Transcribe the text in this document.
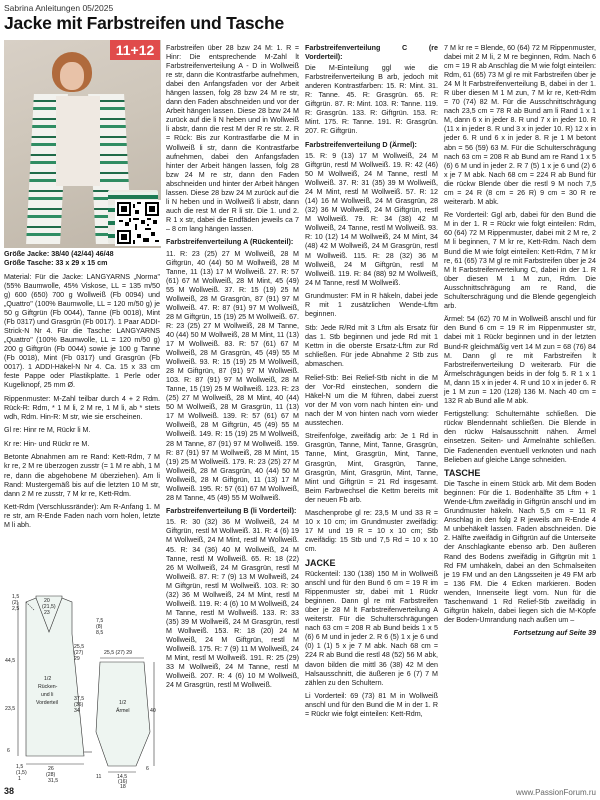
Sabrina Anleitungen 05/2025
Jacke mit Farbstreifen und Tasche
11+12

Größe Jacke: 38/40 (42/44) 46/48

Größe Tasche: 33 x 29 x 15 cm

Material: Für die Jacke: LANGYARNS „Norma" (55% Baumwolle, 45% Viskose, LL = 135 m/50 g) 600 (650) 700 g Wollweiß (Fb 0094) und „Quattro" (100% Baumwolle, LL = 120 m/50 g) je 50 g Giftgrün (Fb 0044), Tanne (Fb 0018), Mint (Fb 0317) und Grasgrün (Fb 0017). 1 Paar ADDI-Strick-N Nr 4. Für die Tasche: LANGYARNS „Quattro" (100% Baumwolle, LL = 120 m/50 g) 200 g Giftgrün (Fb 0044) sowie je 100 g Tanne (Fb 0018), Mint (Fb 0317) und Grasgrün (Fb 0017). 1 ADDI-Häkel-N Nr 4. Ca. 15 x 33 cm feste Pappe oder Plastikplatte. 1 Perle oder Kugelknopf, 25 mm Ø.

Rippenmuster: M-Zahl teilbar durch 4 + 2 Rdm. Rück-R: Rdm, * 1 M li, 2 M re, 1 M li, ab * stets wdh, Rdm. Hin-R: M str, wie sie erscheinen.

Gl re: Hinr re M, Rückr li M.

Kr re: Hin- und Rückr re M.

Betonte Abnahmen am re Rand: Kett-Rdm, 7 M kr re, 2 M re überzogen zusstr (= 1 M re abh, 1 M re, dann die abgehobene M überziehen). Am li Rand: Mustergemäß bis auf die letzten 10 M str, dann 2 M re zusstr, 7 M kr re, Kett-Rdm.

Kett-Rdm (Verschlussränder): Am R-Anfang 1. M re str, am R-Ende Faden nach vorn holen, letzte M li abh.

1,5
(2)
2,5
20
(21,5)
23
7,5
(8)
8,5
44,5
23,5
6
25,5
(27)
29
37,5
(36)
34
1/2
Rücken-
und li
Vorderteil
1,5
(1,5)
1
26
(28)
31,5
25,5 (27) 29
1/2
Ärmel	40
14,5
(16)
18
11
6

Farbstreifen über 28 bzw 24 M: 1. R = Hinr: Die entsprechende M-Zahl lt Farbstreifenverteilung A - D in Wollweiß re str, dann die Kontrastfarbe aufnehmen, dabei den Anfangsfaden vor der Arbeit hängen lassen, folg 28 bzw 24 M re str, dann den Faden abschneiden und vor der Arbeit hängen lassen. Diese 28 bzw 24 M zurück auf die li N heben und in Wollweiß li abstr, dann die rest M der R re str. 2. R = Rück: Bis zur Kontrastfarbe die M in Wollweiß li str, dann die Kontrastfarbe aufnehmen, dabei den Anfangsfaden hinter der Arbeit hängen lassen, folg 28 bzw 24 M re str, dann den Faden abschneiden und hinter der Arbeit hängen lassen. Diese 28 bzw 24 M zurück auf die li N heben und in Wollweiß li abstr, dann auch die rest M der R li str. Die 1. und 2. R 1 x str, dabei die Endfäden jeweils ca 7 – 8 cm lang hängen lassen.

Farbstreifenverteilung A (Rückenteil):

11. R: 23 (25) 27 M Wollweiß, 28 M Giftgrün, 40 (44) 50 M Wollweiß, 28 M Tanne, 11 (13) 17 M Wollweiß. 27. R: 57 (61) 67 M Wollweiß, 28 M Mint, 45 (49) 55 M Wollweiß. 37. R: 15 (19) 25 M Wollweiß, 28 M Grasgrün, 87 (91) 97 M Wollweiß. 47. R: 87 (91) 97 M Wollweiß, 28 M Giftgrün, 15 (19) 25 M Wollweiß. 67. R: 23 (25) 27 M Wollweiß, 28 M Tanne, 40 (44) 50 M Wollweiß, 28 M Mint, 11 (13) 17 M Wollweiß. 83. R: 57 (61) 67 M Wollweiß, 28 M Grasgrün, 45 (49) 55 M Wollweiß. 93. R: 15 (19) 25 M Wollweiß, 28 M Giftgrün, 87 (91) 97 M Wollweiß. 103. R: 87 (91) 97 M Wollweiß, 28 M Tanne, 15 (19) 25 M Wollweiß. 123. R: 23 (25) 27 M Wollweiß, 28 M Mint, 40 (44) 50 M Wollweiß, 28 M Grasgrün, 11 (13) 17 M Wollweiß. 139. R: 57 (61) 67 M Wollweiß, 28 M Giftgrün, 45 (49) 55 M Wollweiß. 149. R: 15 (19) 25 M Wollweiß, 28 M Tanne, 87 (91) 97 M Wollweiß. 159. R: 87 (91) 97 M Wollweiß, 28 M Mint, 15 (19) 25 M Wollweiß. 179. R: 23 (25) 27 M Wollweiß, 28 M Grasgrün, 40 (44) 50 M Wollweiß, 28 M Giftgrün, 11 (13) 17 M Wollweiß. 195. R: 57 (61) 67 M Wollweiß, 28 M Tanne, 45 (49) 55 M Wollweiß.

Farbstreifenverteilung B (li Vorderteil):

15. R: 30 (32) 36 M Wollweiß, 24 M Giftgrün, restl M Wollweiß. 31. R: 4 (6) 19 M Wollweiß, 24 M Mint, restl M Wollweiß. 45. R: 34 (36) 40 M Wollweiß, 24 M Tanne, restl M Wollweiß. 65. R: 18 (22) 26 M Wollweiß, 24 M Grasgrün, restl M Wollweiß. 87. R: 7 (9) 13 M Wollweiß, 24 M Giftgrün, restl M Wollweiß. 103. R: 30 (32) 36 M Wollweiß, 24 M Mint, restl M Wollweiß. 119. R: 4 (6) 10 M Wollweiß, 24 M Tanne, restl M Wollweiß. 133. R: 33 (35) 39 M Wollweiß, 24 M Grasgrün, restl M Wollweiß. 153. R: 18 (20) 24 M Wollweiß, 24 M Giftgrün, restl M Wollweiß. 175. R: 7 (9) 11 M Wollweiß, 24 M Mint, restl M Wollweiß. 191. R: 25 (29) 33 M Wollweiß, 24 M Tanne, restl M Wollweiß. 207. R: 4 (6) 10 M Wollweiß, 24 M Grasgrün, restl M Wollweiß.

Farbstreifenverteilung C (re Vorderteil):

Die M-Einteilung ggl wie die Farbstreifenverteilung B arb, jedoch mit anderen Kontrastfarben: 15. R: Mint. 31. R: Tanne. 45. R: Grasgrün. 65. R: Giftgrün. 87. R: Mint. 103. R: Tanne. 119. R: Grasgrün. 133. R: Giftgrün. 153. R: Mint. 175. R: Tanne. 191. R: Grasgrün. 207. R: Giftgrün.

Farbstreifenverteilung D (Ärmel):

15. R: 9 (13) 17 M Wollweiß, 24 M Giftgrün, restl M Wollweiß. 19. R: 42 (46) 50 M Wollweiß, 24 M Tanne, restl M Wollweiß. 37. R: 31 (35) 39 M Wollweiß, 24 M Mint, restl M Wollweiß. 57. R: 12 (14) 16 M Wollweiß, 24 M Grasgrün, 28 (32) 36 M Wollweiß, 24 M Giftgrün, restl M Wollweiß. 79. R: 34 (38) 42 M Wollweiß, 24 Tanne, restl M Wollweiß. 93. R: 10 (12) 14 M Wollweiß, 24 M Mint, 34 (48) 42 M Wollweiß, 24 M Grasgrün, restl M Wollweiß. 115. R: 28 (32) 36 M Wollweiß, 24 M Giftgrün, restl M Wollweiß. 119. R: 84 (88) 92 M Wollweiß, 24 M Tanne, restl M Wollweiß.

Grundmuster: FM in R häkeln, dabei jede R mit 1 zusätzlichen Wende-Lftm beginnen.

Stb: Jede R/Rd mit 3 Lftm als Ersatz für das 1. Stb beginnen und jede Rd mit 1 Kettm in die oberste Ersatz-Lftm zur Rd schließen. Für jede Abnahme 2 Stb zus abmaschen.

Relief-Stb: Bei Relief-Stb nicht in die M der Vor-Rd einstechen, sondern die Häkel-N um die M führen, dabei zuerst vor der M von vorn nach hinten ein- und nach der M von hinten nach vorn wieder ausstechen.

Streifenfolge, zweifädig arb: Je 1 Rd in Grasgrün, Tanne, Mint, Tanne, Grasgrün, Tanne, Mint, Grasgrün, Mint, Tanne, Grasgrün, Mint, Grasgrün, Tanne, Grasgrün, Mint, Grasgrün, Mint, Tanne, Mint und Giftgrün = 21 Rd insgesamt. Beim Farbwechsel die Kettm bereits mit der neuen Fb arb.

Maschenprobe gl re: 23,5 M und 33 R = 10 x 10 cm; im Grundmuster zweifädig: 17 M und 19 R = 10 x 10 cm; Stb zweifädig: 15 Stb und 7,5 Rd = 10 x 10 cm.

JACKE

Rückenteil: 130 (138) 150 M in Wollweiß anschl und für den Bund 6 cm = 19 R im Rippenmuster str, dabei mit 1 Rückr beginnen. Dann gl re mit Farbstreifen über je 28 M lt Farbstreifenverteilung A weiterstr. Für die Schulterschrägungen nach 63 cm = 208 R ab Bund beids 1 x 5 (6) 6 M und in jeder 2. R 6 (5) 1 x je 6 und (0) 1 (1) 5 x je 7 M abk. Nach 68 cm = 224 R ab Bund die restl 48 (52) 56 M abk, davon bilden die mittl 36 (38) 42 M den Halsausschnitt, die äußeren je 6 (7) 7 M zählen zu den Schultern.

Li Vorderteil: 69 (73) 81 M in Wollweiß anschl und für den Bund die M in der 1. R = Rückr wie folgt einteilen: Kett-Rdm,

7 M kr re = Blende, 60 (64) 72 M Rippenmuster, dabei mit 2 M li, 2 M re beginnen, Rdm. Nach 6 cm = 19 R ab Anschlag die M wie folgt einteilen: Rdm, 61 (65) 73 M gl re mit Farbstreifen über je 24 M lt Farbstreifenverteilung B, dabei in der 1. R über diesen M 1 M zun, 7 M kr re, Kett-Rdm = 70 (74) 82 M. Für die Ausschnittschrägung nach 23,5 cm = 78 R ab Bund am li Rand 1 x 1 M, dann 6 x in jeder 8. R und 7 x in jeder 10. R (11 x in jeder 8. R und 3 x in jeder 10. R) 12 x in jeder 6. R und 6 x in jeder 8. R je 1 M betont abn = 56 (59) 63 M. Für die Schulterschrägung nach 63 cm = 208 R ab Bund am re Rand 1 x 5 (6) 6 M und in jeder 2. R 7 (5) 1 x je 6 und (2) 6 x je 7 M abk. Nach 68 cm = 224 R ab Bund für die rückw Blende über die restl 9 M noch 7,5 cm = 24 R (8 cm = 26 R) 9 cm = 30 R re weiterarb. M abk.

Re Vorderteil: Ggl arb, dabei für den Bund die M in der 1. R = Rückr wie folgt einteilen: Rdm, 60 (64) 72 M Rippenmuster, dabei mit 2 M re, 2 M li beginnen, 7 M kr re, Kett-Rdm. Nach dem Bund die M wie folgt einteilen: Kett-Rdm, 7 M kr re, 61 (65) 73 M gl re mit Farbstreifen über je 24 M lt Farbstreifenverteilung C, dabei in der 1. R über diesen M 1 M zun, Rdm. Die Ausschnittschrägung am re Rand, die Schulterschrägung und die Blende gegengleich arb.

Ärmel: 54 (62) 70 M in Wollweiß anschl und für den Bund 6 cm = 19 R im Rippenmuster str, dabei mit 1 Rückr beginnen und in der letzten Bund-R gleichmäßig vert 14 M zun = 68 (76) 84 M. Dann gl re mit Farbstreifen lt Farbstreifenverteilung D weiterarb. Für die Ärmelschrägungen beids in der folg 5. R 1 x 1 M, dann 15 x in jeder 4. R und 10 x in jeder 6. R je 1 M zun = 120 (128) 136 M. Nach 40 cm = 132 R ab Bund alle M abk.

Fertigstellung: Schulternähte schließen. Die rückw Blendennaht schließen. Die Blende in den rückw Halsausschnitt nähen. Ärmel einsetzen. Seiten- und Ärmelnähte schließen. Die Fadenenden eventuell verknoten und nach Belieben auf gleiche Länge schneiden.

TASCHE

Die Tasche in einem Stück arb. Mit dem Boden beginnen: Für die 1. Bodenhälfte 35 Lftm + 1 Wende-Lftm zweifädig in Giftgrün anschl und im Grundmuster häkeln. Nach 5,5 cm = 11 R Anschlag in den folg 2 R jeweils am R-Ende 4 M unbehäkelt lassen. Faden abschneiden. Die 2. Hälfte zweifädig in Giftgrün auf die Unterseite der Anschlagkante ebenso arb. Den äußeren Rand des Bodens zweifädig in Giftgrün mit 1 Rd FM umhäkeln, dabei an den Schmalseiten je 19 FM und an den Längsseiten je 49 FM arb = 136 FM. Die 4 Ecken markieren. Boden wenden, Innenseite liegt vorn. Nun für die Taschenwand 1 Rd Relief-Stb zweifädig in Giftgrün häkeln, dabei liegen sich die M-Köpfe der Boden-Umrandung nach außen um –

Fortsetzung auf Seite 39
38	www.PassionForum.ru
